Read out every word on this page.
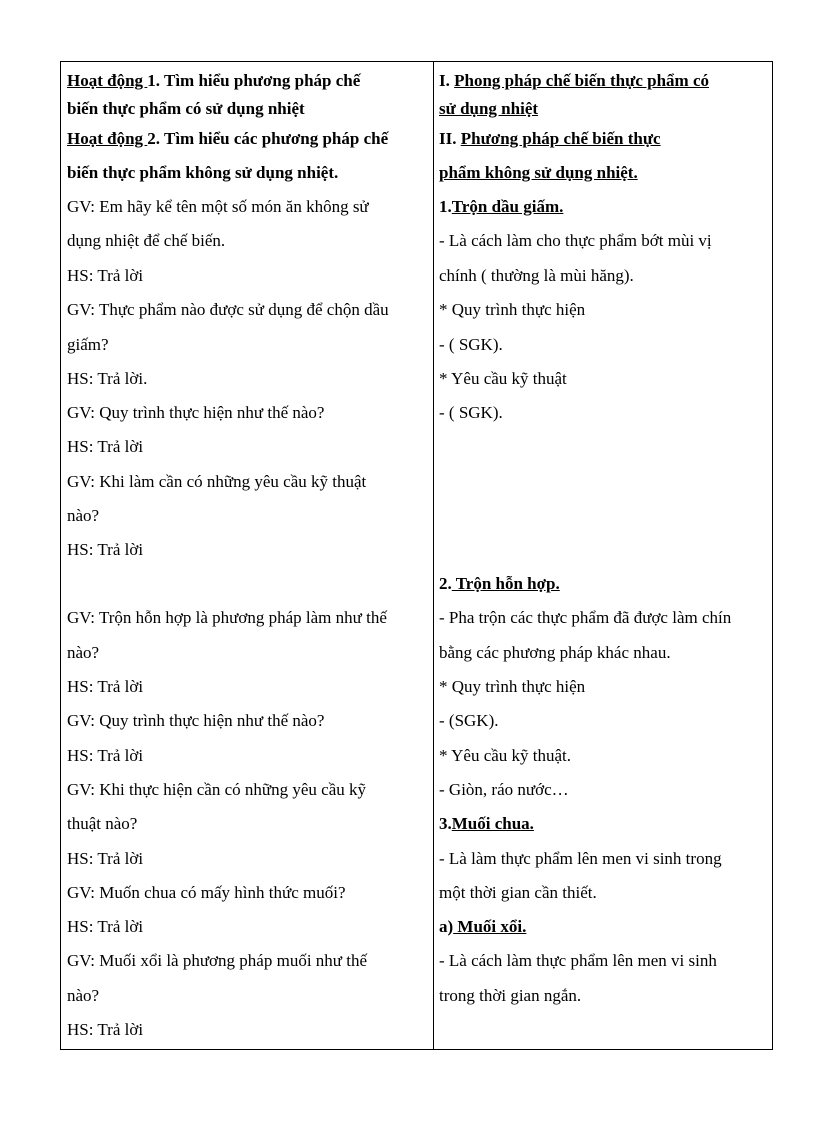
Hoạt động 1. Tìm hiểu phương pháp chế
biến thực phẩm có sử dụng nhiệt
Hoạt động 2. Tìm hiểu các phương pháp chế
biến thực phẩm không sử dụng nhiệt.
GV: Em hãy kể tên một số món ăn không sử
dụng nhiệt để chế biến.
HS: Trả lời
GV: Thực phẩm nào được sử dụng để chộn dầu
giấm?
HS: Trả lời.
GV: Quy trình thực hiện như thế nào?
HS: Trả lời
GV: Khi làm cần có những yêu cầu kỹ thuật
nào?
HS: Trả lời
GV: Trộn hỗn hợp là phương pháp làm như thế
nào?
HS: Trả lời
GV: Quy trình thực hiện như thế nào?
HS: Trả lời
GV: Khi thực hiện cần có những yêu cầu kỹ
thuật nào?
HS: Trả lời
GV: Muốn chua có mấy hình thức muối?
HS: Trả lời
GV: Muối xổi là phương pháp muối như thế
nào?
HS: Trả lời
I. Phong pháp chế biến thực phẩm có
sử dụng nhiệt
II. Phương pháp chế biến thực
phẩm không sử dụng nhiệt.
1.Trộn dầu giấm.
- Là cách làm cho thực phẩm bớt mùi vị
chính ( thường là mùi hăng).
* Quy trình thực hiện
- ( SGK).
* Yêu cầu kỹ thuật
- ( SGK).
2. Trộn hỗn hợp.
- Pha trộn các thực phẩm đã được làm chín
bằng các phương pháp khác nhau.
* Quy trình thực hiện
- (SGK).
* Yêu cầu kỹ thuật.
- Giòn, ráo nước…
3.Muối chua.
- Là làm thực phẩm lên men vi sinh trong
một thời gian cần thiết.
a) Muối xổi.
- Là cách làm thực phẩm lên men vi sinh
trong thời gian ngắn.
